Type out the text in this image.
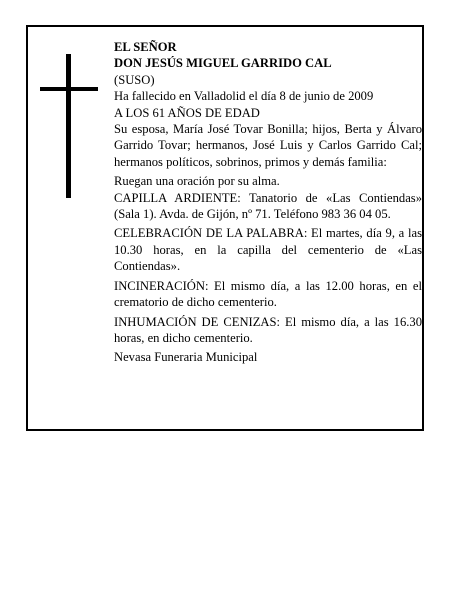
EL SEÑOR

DON JESÚS MIGUEL GARRIDO CAL

(SUSO)

Ha fallecido en Valladolid el día 8 de junio de 2009

A LOS 61 AÑOS DE EDAD

Su esposa, María José Tovar Bonilla; hijos, Berta y Álvaro Garrido Tovar; hermanos, José Luis y Carlos Garrido Cal; hermanos políticos, sobrinos, primos y demás familia:

Ruegan una oración por su alma.

CAPILLA ARDIENTE: Tanatorio de «Las Contiendas» (Sala 1). Avda. de Gijón, nº 71. Teléfono 983 36 04 05.

CELEBRACIÓN DE LA PALABRA: El martes, día 9, a las 10.30 horas, en la capilla del cementerio de «Las Contiendas».

INCINERACIÓN: El mismo día, a las 12.00 horas, en el crematorio de dicho cementerio.

INHUMACIÓN DE CENIZAS: El mismo día, a las 16.30 horas, en dicho cementerio.

Nevasa Funeraria Municipal
